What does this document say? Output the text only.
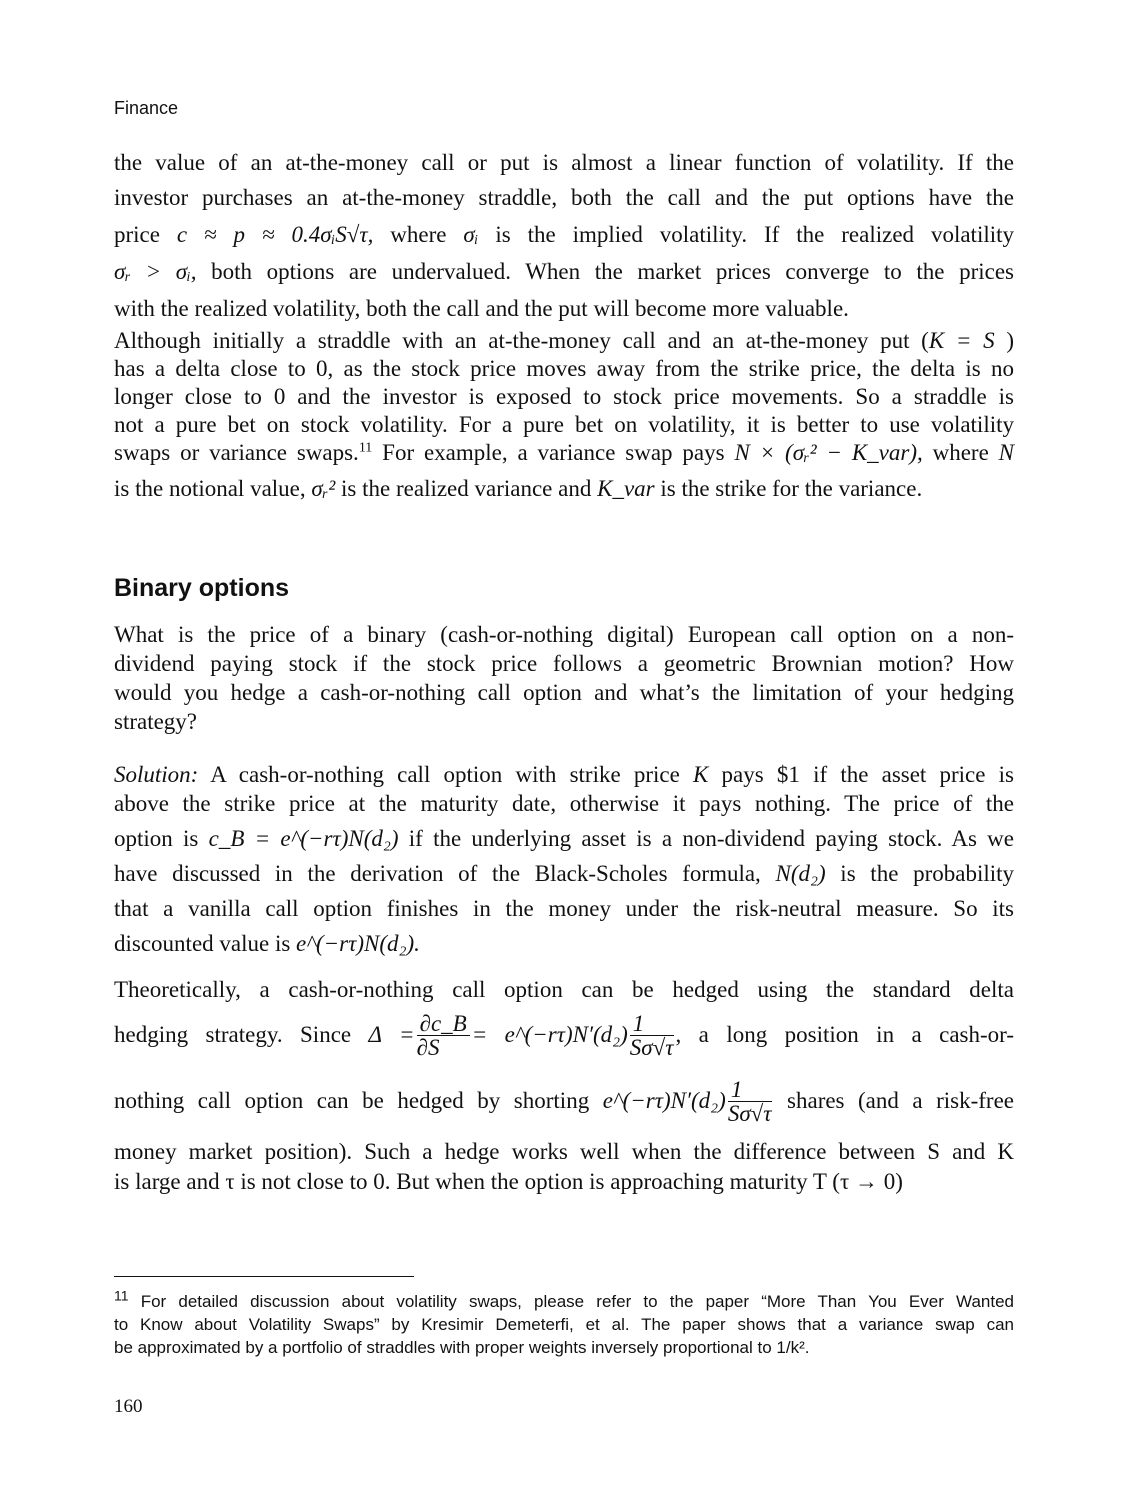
Finance
the value of an at-the-money call or put is almost a linear function of volatility. If the
investor purchases an at-the-money straddle, both the call and the put options have the
price c ≈ p ≈ 0.4σᵢS√τ, where σᵢ is the implied volatility. If the realized volatility
σᵣ > σᵢ, both options are undervalued. When the market prices converge to the prices
with the realized volatility, both the call and the put will become more valuable.
Although initially a straddle with an at-the-money call and an at-the-money put (K = S )
has a delta close to 0, as the stock price moves away from the strike price, the delta is no
longer close to 0 and the investor is exposed to stock price movements. So a straddle is
not a pure bet on stock volatility. For a pure bet on volatility, it is better to use volatility
swaps or variance swaps.$^{11}$ For example, a variance swap pays N × (σᵣ² − K_var), where N
is the notional value, σᵣ² is the realized variance and K_var is the strike for the variance.
Binary options
What is the price of a binary (cash-or-nothing digital) European call option on a non-
dividend paying stock if the stock price follows a geometric Brownian motion? How
would you hedge a cash-or-nothing call option and what’s the limitation of your hedging
strategy?
Solution: A cash-or-nothing call option with strike price K pays $1 if the asset price is
above the strike price at the maturity date, otherwise it pays nothing. The price of the
option is c_B = e^(−rτ)N(d₂) if the underlying asset is a non-dividend paying stock. As we
have discussed in the derivation of the Black-Scholes formula, N(d₂) is the probability
that a vanilla call option finishes in the money under the risk-neutral measure. So its
discounted value is e^(−rτ)N(d₂).
Theoretically, a cash-or-nothing call option can be hedged using the standard delta
hedging strategy. Since $\Delta = \frac{\partial c\_B}{\partial S}$ = e^(−rτ)N′(d₂) $\frac{1}{S\sigma√\tau}$ , a long position in a cash-or-
nothing call option can be hedged by shorting e^(−rτ)N′(d₂) $\frac{1}{S\sigma√\tau}$ shares (and a risk-free
money market position). Such a hedge works well when the difference between S and K
is large and τ is not close to 0. But when the option is approaching maturity T (τ → 0)
$^{11}$ For detailed discussion about volatility swaps, please refer to the paper “More Than You Ever Wanted
to Know about Volatility Swaps” by Kresimir Demeterfi, et al. The paper shows that a variance swap can
be approximated by a portfolio of straddles with proper weights inversely proportional to 1/k².
160
